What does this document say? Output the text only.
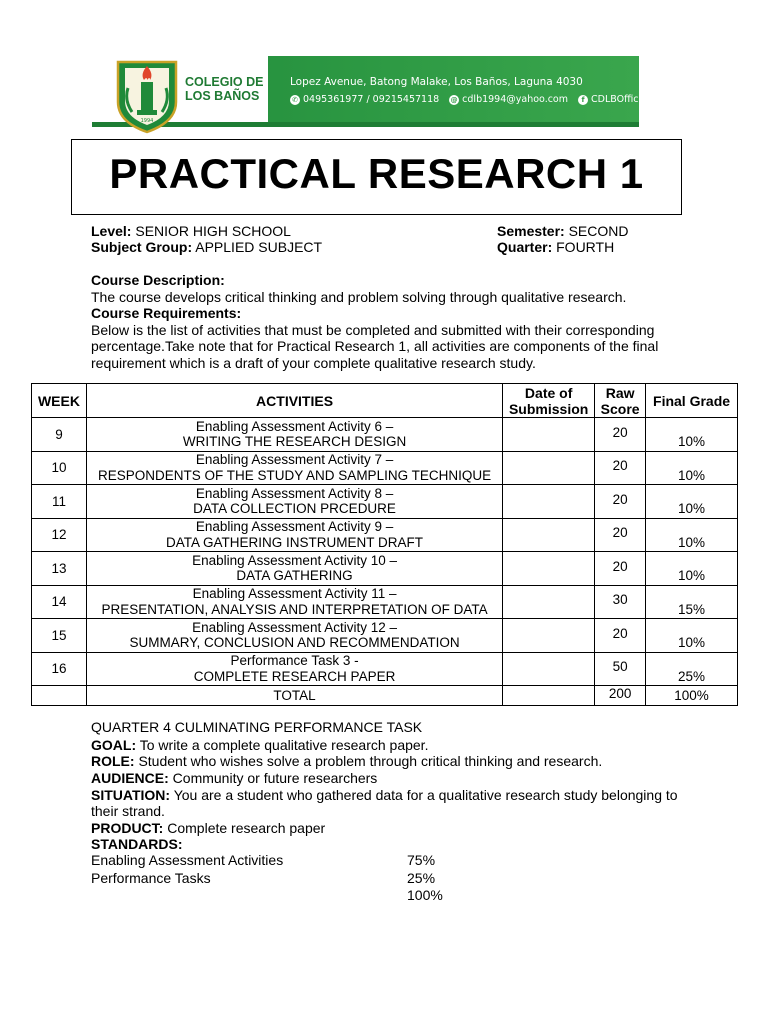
1994
COLEGIO DE LOS BAÑOS
Lopez Avenue, Batong Malake, Los Baños, Laguna 4030
✆ 0495361977 / 09215457118 @ cdlb1994@yahoo.com	f CDLBOfficial
PRACTICAL RESEARCH 1
Level: SENIOR HIGH SCHOOL
Subject Group: APPLIED SUBJECT
Semester: SECOND
Quarter: FOURTH
Course Description:
The course develops critical thinking and problem solving through qualitative research.
Course Requirements:
Below is the list of activities that must be completed and submitted with their corresponding percentage.Take note that for Practical Research 1, all activities are components of the final requirement which is a draft of your complete qualitative research study.
WEEK	ACTIVITIES	Date of Submission	Raw Score	Final Grade
9	Enabling Assessment Activity 6 –
WRITING THE RESEARCH DESIGN		20	10%

10	Enabling Assessment Activity 7 –
RESPONDENTS OF THE STUDY AND SAMPLING TECHNIQUE		20	10%

11	Enabling Assessment Activity 8 –
DATA COLLECTION PRCEDURE		20	10%

12	Enabling Assessment Activity 9 –
DATA GATHERING INSTRUMENT DRAFT		20	10%

13	Enabling Assessment Activity 10 –
DATA GATHERING		20	10%

14	Enabling Assessment Activity 11 –
PRESENTATION, ANALYSIS AND INTERPRETATION OF DATA		30	15%

15	Enabling Assessment Activity 12 –
SUMMARY, CONCLUSION AND RECOMMENDATION		20	10%

16	Performance Task 3 -
COMPLETE RESEARCH PAPER		50	25%

	TOTAL		200	100%
QUARTER 4 CULMINATING PERFORMANCE TASK
GOAL: To write a complete qualitative research paper.
ROLE: Student who wishes solve a problem through critical thinking and research.
AUDIENCE: Community or future researchers
SITUATION: You are a student who gathered data for a qualitative research study belonging to their strand.
PRODUCT: Complete research paper
STANDARDS:
Enabling Assessment Activities	75%
Performance Tasks	25%
100%
